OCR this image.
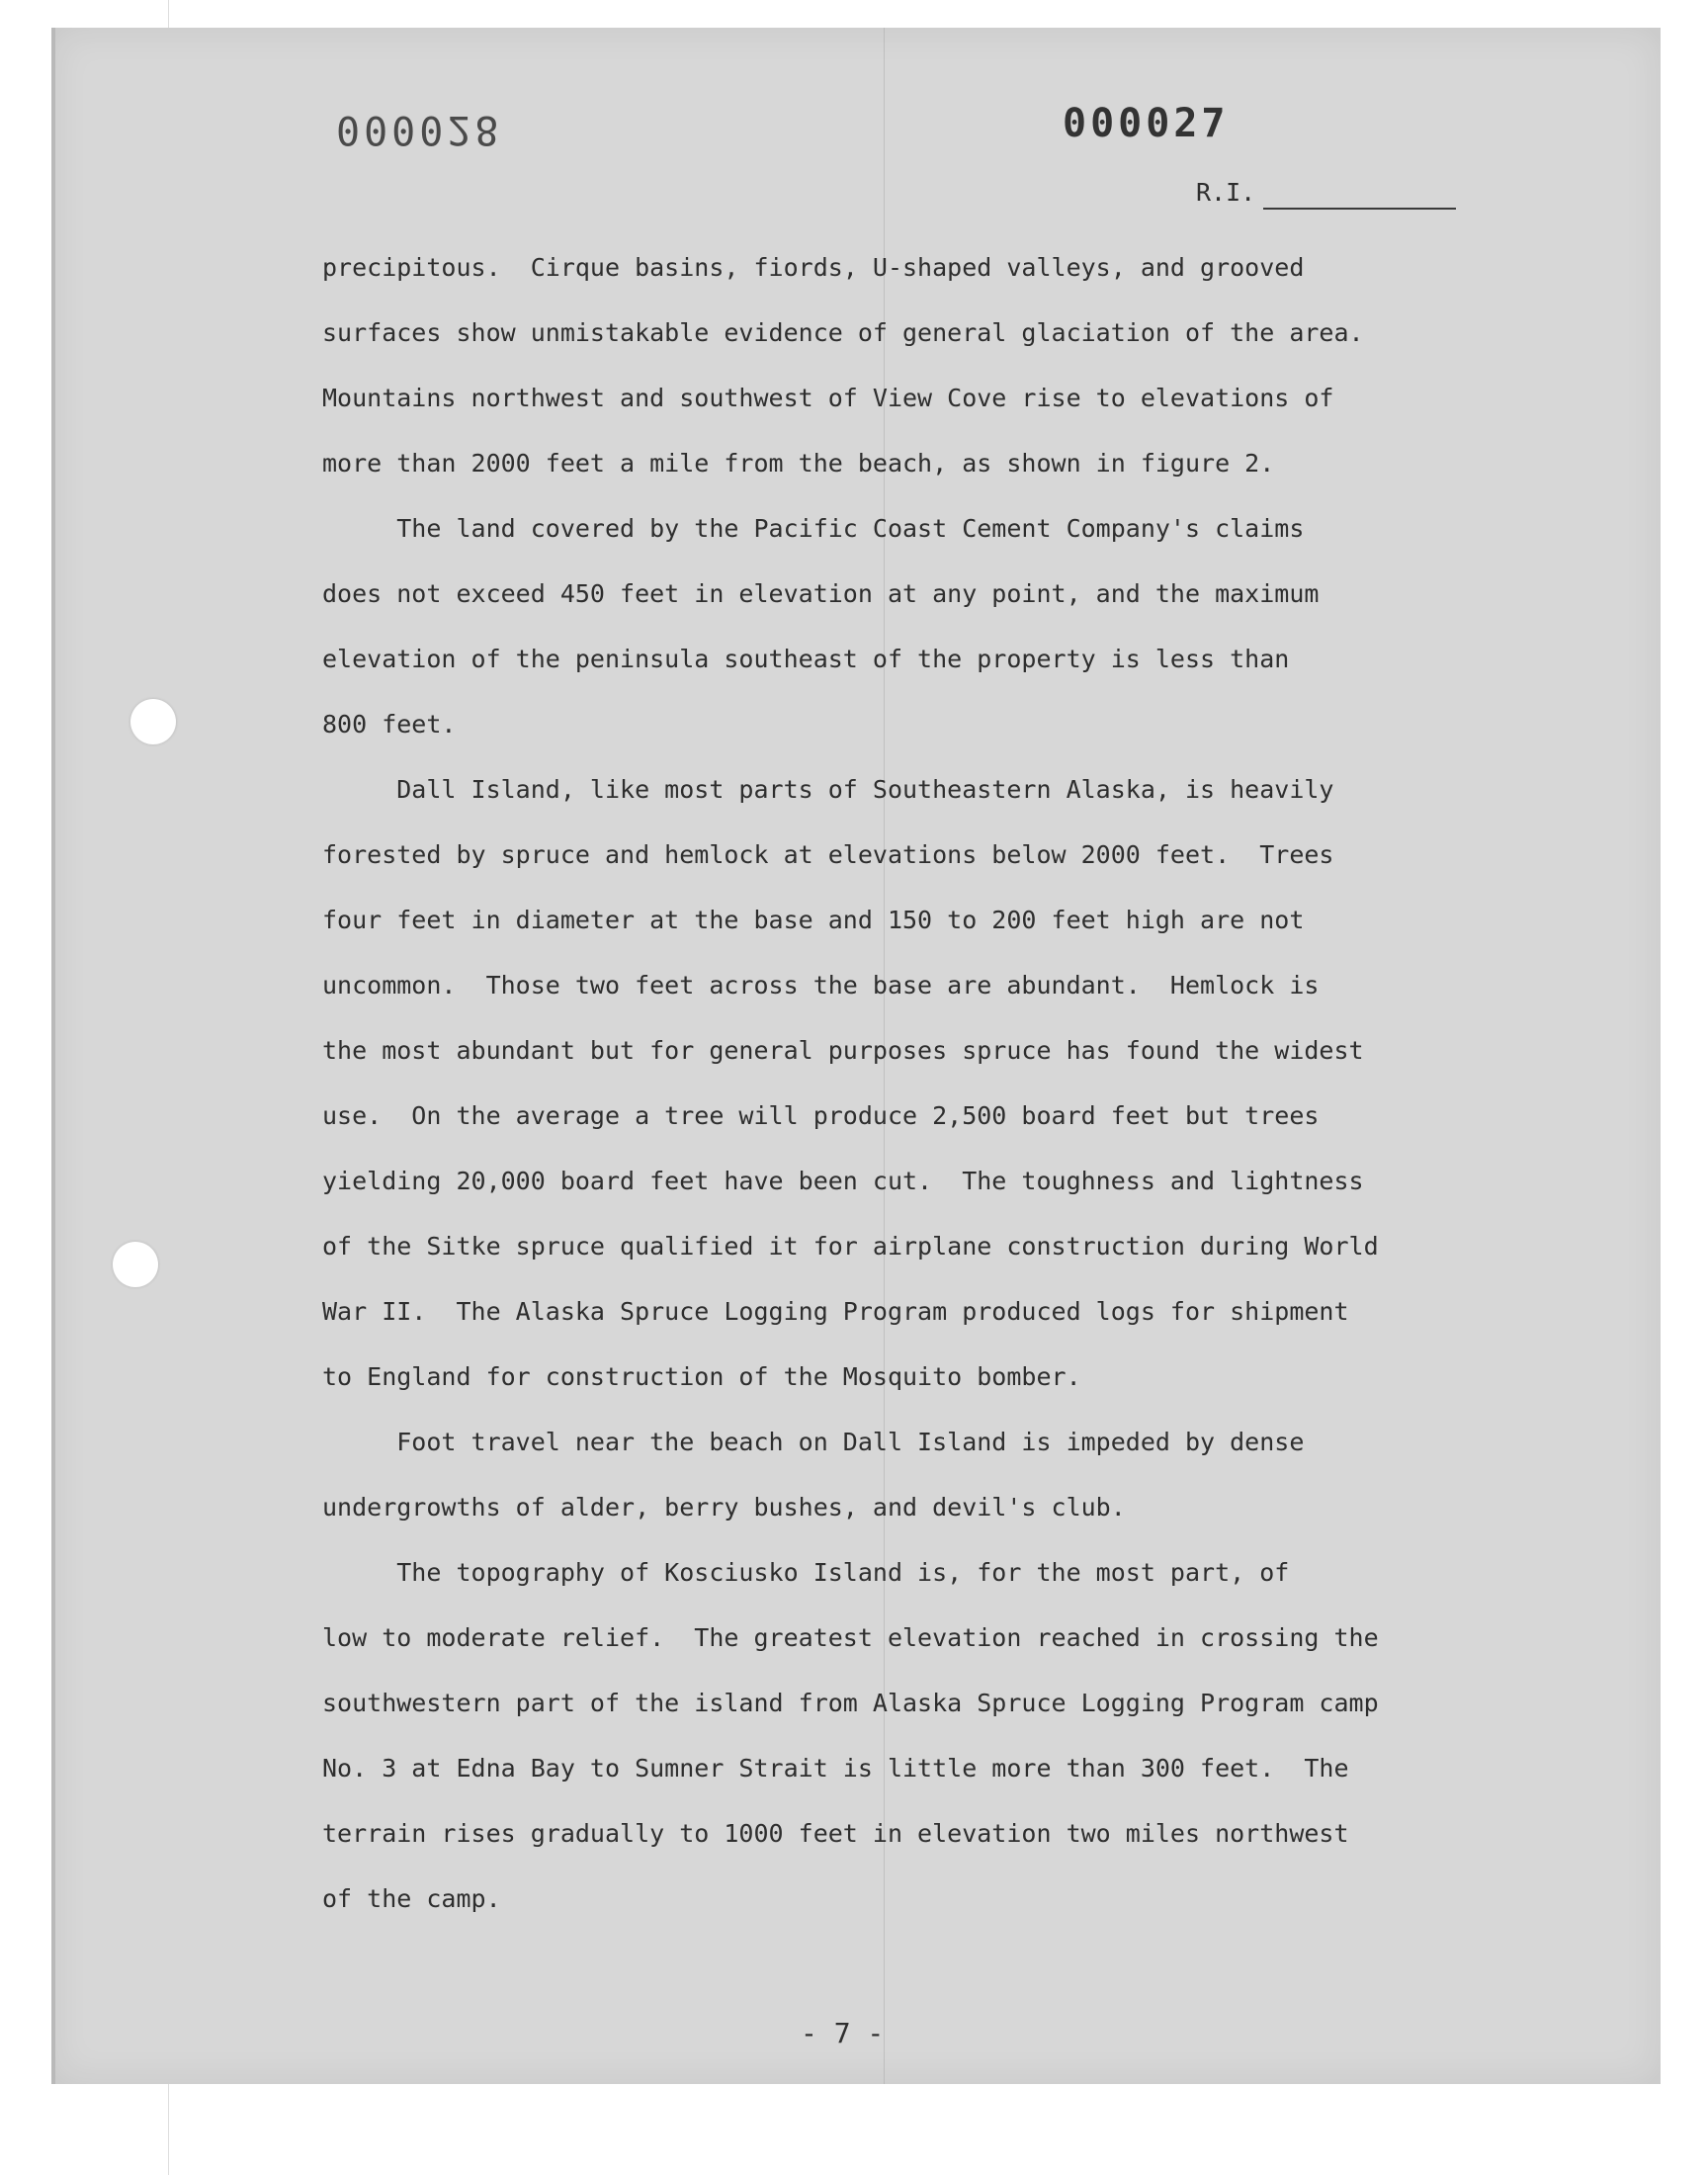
000028	000027
R.I.
precipitous.  Cirque basins, fiords, U-shaped valleys, and grooved
surfaces show unmistakable evidence of general glaciation of the area.
Mountains northwest and southwest of View Cove rise to elevations of
more than 2000 feet a mile from the beach, as shown in figure 2.
The land covered by the Pacific Coast Cement Company's claims
does not exceed 450 feet in elevation at any point, and the maximum
elevation of the peninsula southeast of the property is less than
800 feet.
Dall Island, like most parts of Southeastern Alaska, is heavily
forested by spruce and hemlock at elevations below 2000 feet.  Trees
four feet in diameter at the base and 150 to 200 feet high are not
uncommon.  Those two feet across the base are abundant.  Hemlock is
the most abundant but for general purposes spruce has found the widest
use.  On the average a tree will produce 2,500 board feet but trees
yielding 20,000 board feet have been cut.  The toughness and lightness
of the Sitke spruce qualified it for airplane construction during World
War II.  The Alaska Spruce Logging Program produced logs for shipment
to England for construction of the Mosquito bomber.
Foot travel near the beach on Dall Island is impeded by dense
undergrowths of alder, berry bushes, and devil's club.
The topography of Kosciusko Island is, for the most part, of
low to moderate relief.  The greatest elevation reached in crossing the
southwestern part of the island from Alaska Spruce Logging Program camp
No. 3 at Edna Bay to Sumner Strait is little more than 300 feet.  The
terrain rises gradually to 1000 feet in elevation two miles northwest
of the camp.
- 7 -
